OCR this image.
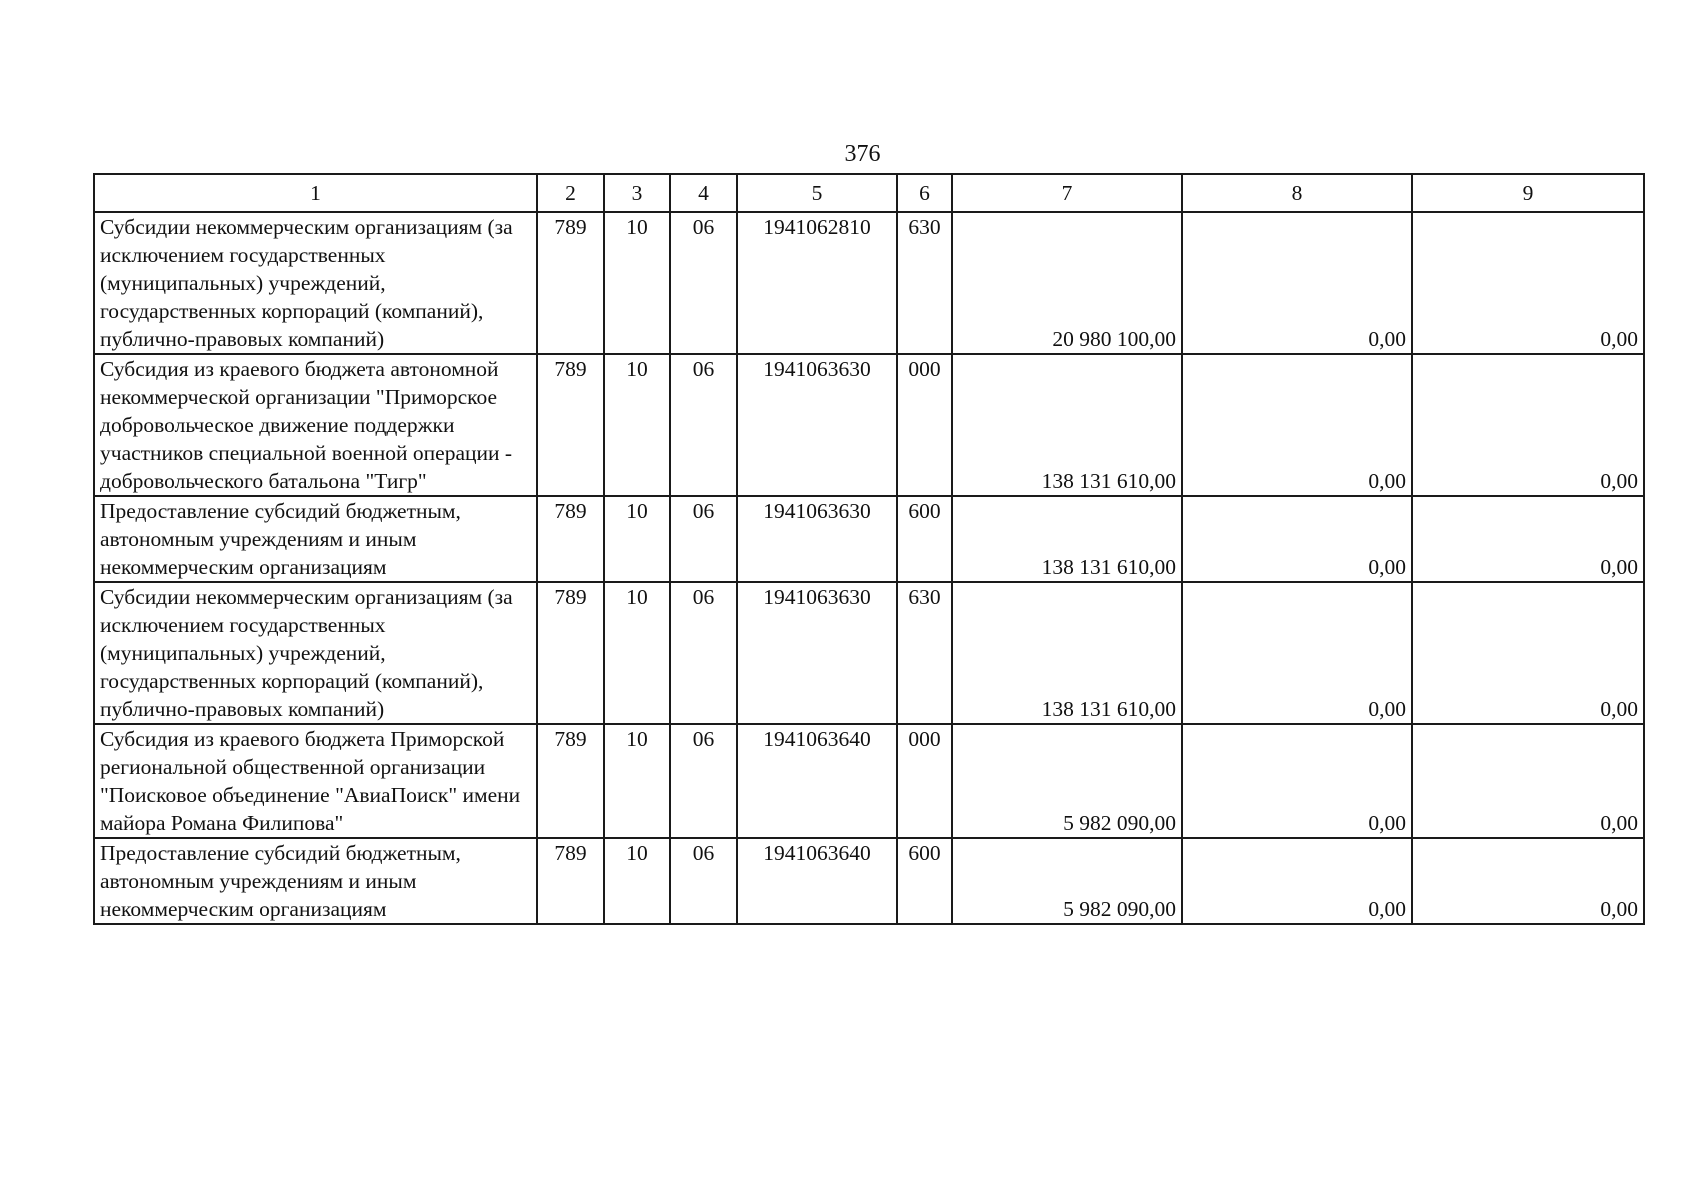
376
1	2	3	4	5	6	7	8	9
Субсидии некоммерческим организациям (за исключением государственных (муниципальных) учреждений, государственных корпораций (компаний), публично-правовых компаний)	789	10	06	1941062810	630	20 980 100,00	0,00	0,00
Субсидия из краевого бюджета автономной некоммерческой организации "Приморское добровольческое движение поддержки участников специальной военной операции - добровольческого батальона "Тигр"	789	10	06	1941063630	000	138 131 610,00	0,00	0,00
Предоставление субсидий бюджетным, автономным учреждениям и иным некоммерческим организациям	789	10	06	1941063630	600	138 131 610,00	0,00	0,00
Субсидии некоммерческим организациям (за исключением государственных (муниципальных) учреждений, государственных корпораций (компаний), публично-правовых компаний)	789	10	06	1941063630	630	138 131 610,00	0,00	0,00
Субсидия из краевого бюджета Приморской региональной общественной организации "Поисковое объединение "АвиаПоиск" имени майора Романа Филипова"	789	10	06	1941063640	000	5 982 090,00	0,00	0,00
Предоставление субсидий бюджетным, автономным учреждениям и иным некоммерческим организациям	789	10	06	1941063640	600	5 982 090,00	0,00	0,00
